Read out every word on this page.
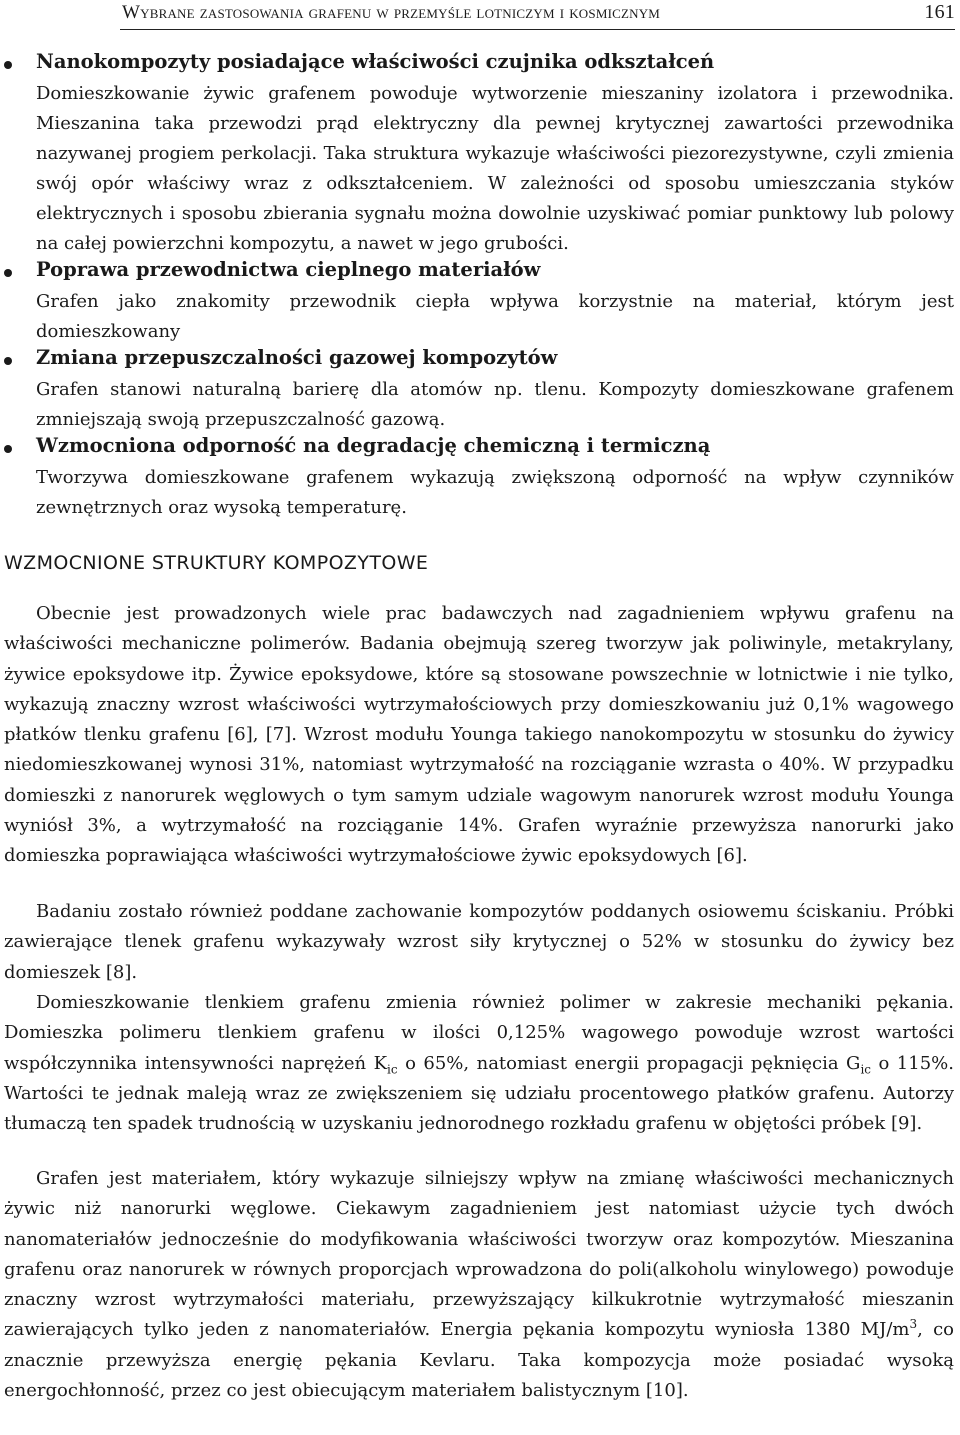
Wybrane zastosowania grafenu w przemyśle lotniczym i kosmicznym	161
Nanokompozyty posiadające właściwości czujnika odkształceń
Domieszkowanie żywic grafenem powoduje wytworzenie mieszaniny izolatora i przewodnika. Mieszanina taka przewodzi prąd elektryczny dla pewnej krytycznej zawartości przewodnika nazywanej progiem perkolacji. Taka struktura wykazuje właściwości piezorezystywne, czyli zmienia swój opór właściwy wraz z odkształceniem. W zależności od sposobu umieszczania styków elektrycznych i sposobu zbierania sygnału można dowolnie uzyskiwać pomiar punktowy lub polowy na całej powierzchni kompozytu, a nawet w jego grubości.
Poprawa przewodnictwa cieplnego materiałów
Grafen jako znakomity przewodnik ciepła wpływa korzystnie na materiał, którym jest domieszkowany
Zmiana przepuszczalności gazowej kompozytów
Grafen stanowi naturalną barierę dla atomów np. tlenu. Kompozyty domieszkowane grafenem zmniejszają swoją przepuszczalność gazową.
Wzmocniona odporność na degradację chemiczną i termiczną
Tworzywa domieszkowane grafenem wykazują zwiększoną odporność na wpływ czynników zewnętrznych oraz wysoką temperaturę.
WZMOCNIONE STRUKTURY KOMPOZYTOWE

Obecnie jest prowadzonych wiele prac badawczych nad zagadnieniem wpływu grafenu na właściwości mechaniczne polimerów. Badania obejmują szereg tworzyw jak poliwinyle, metakrylany, żywice epoksydowe itp. Żywice epoksydowe, które są stosowane powszechnie w lotnictwie i nie tylko, wykazują znaczny wzrost właściwości wytrzymałościowych przy domieszkowaniu już 0,1% wagowego płatków tlenku grafenu [6], [7]. Wzrost modułu Younga takiego nanokompozytu w stosunku do żywicy niedomieszkowanej wynosi 31%, natomiast wytrzymałość na rozciąganie wzrasta o 40%. W przypadku domieszki z nanorurek węglowych o tym samym udziale wagowym nanorurek wzrost modułu Younga wyniósł 3%, a wytrzymałość na rozciąganie 14%. Grafen wyraźnie przewyższa nanorurki jako domieszka poprawiająca właściwości wytrzymałościowe żywic epoksydowych [6].

Badaniu zostało również poddane zachowanie kompozytów poddanych osiowemu ściskaniu. Próbki zawierające tlenek grafenu wykazywały wzrost siły krytycznej o 52% w stosunku do żywicy bez domieszek [8].

Domieszkowanie tlenkiem grafenu zmienia również polimer w zakresie mechaniki pękania. Domieszka polimeru tlenkiem grafenu w ilości 0,125% wagowego powoduje wzrost wartości współczynnika intensywności naprężeń $K_{ic}$ o 65%, natomiast energii propagacji pęknięcia $G_{ic}$ o 115%. Wartości te jednak maleją wraz ze zwiększeniem się udziału procentowego płatków grafenu. Autorzy tłumaczą ten spadek trudnością w uzyskaniu jednorodnego rozkładu grafenu w objętości próbek [9].

Grafen jest materiałem, który wykazuje silniejszy wpływ na zmianę właściwości mechanicznych żywic niż nanorurki węglowe. Ciekawym zagadnieniem jest natomiast użycie tych dwóch nanomateriałów jednocześnie do modyfikowania właściwości tworzyw oraz kompozytów. Mieszanina grafenu oraz nanorurek w równych proporcjach wprowadzona do poli(alkoholu winylowego) powoduje znaczny wzrost wytrzymałości materiału, przewyższający kilkukrotnie wytrzymałość mieszanin zawierających tylko jeden z nanomateriałów. Energia pękania kompozytu wyniosła 1380 $MJ/m^3$, co znacznie przewyższa energię pękania Kevlaru. Taka kompozycja może posiadać wysoką energochłonność, przez co jest obiecującym materiałem balistycznym [10].
